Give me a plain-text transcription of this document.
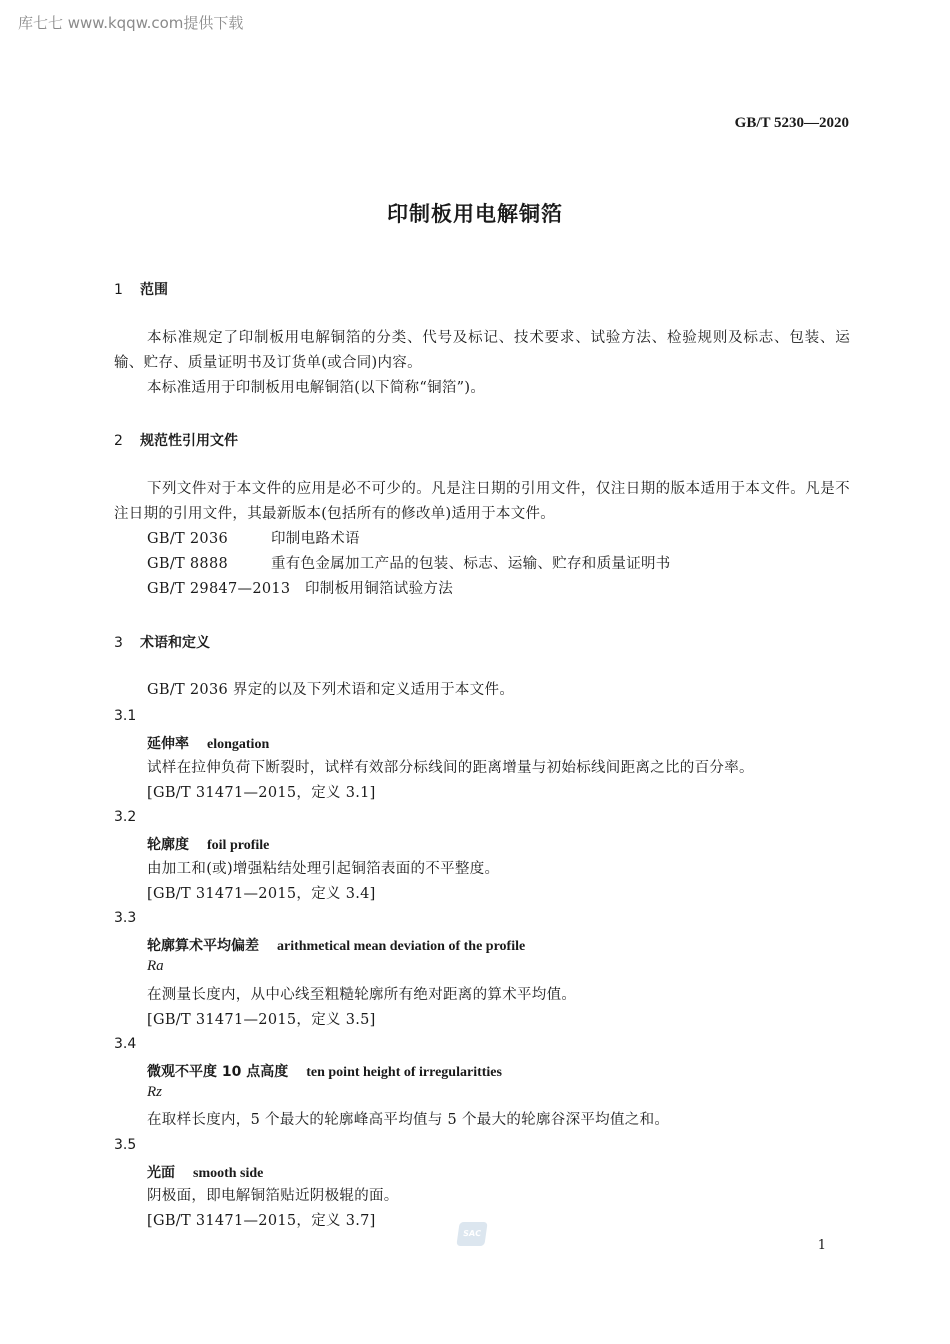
库七七 www.kqqw.com提供下载
GB/T 5230—2020
印制板用电解铜箔
1 范围
本标准规定了印制板用电解铜箔的分类、代号及标记、技术要求、试验方法、检验规则及标志、包装、运输、贮存、质量证明书及订货单(或合同)内容。
本标准适用于印制板用电解铜箔(以下简称“铜箔”)。
2 规范性引用文件
下列文件对于本文件的应用是必不可少的。凡是注日期的引用文件，仅注日期的版本适用于本文件。凡是不注日期的引用文件，其最新版本(包括所有的修改单)适用于本文件。
GB/T 2036	印制电路术语
GB/T 8888	重有色金属加工产品的包装、标志、运输、贮存和质量证明书
GB/T 29847—2013 印制板用铜箔试验方法
3 术语和定义
GB/T 2036 界定的以及下列术语和定义适用于本文件。
3.1
延伸率 elongation
试样在拉伸负荷下断裂时，试样有效部分标线间的距离增量与初始标线间距离之比的百分率。
[GB/T 31471—2015，定义 3.1]
3.2
轮廓度 foil profile
由加工和(或)增强粘结处理引起铜箔表面的不平整度。
[GB/T 31471—2015，定义 3.4]
3.3
轮廓算术平均偏差 arithmetical mean deviation of the profile
Ra
在测量长度内，从中心线至粗糙轮廓所有绝对距离的算术平均值。
[GB/T 31471—2015，定义 3.5]
3.4
微观不平度 10 点高度 ten point height of irregularitties
Rz
在取样长度内，5 个最大的轮廓峰高平均值与 5 个最大的轮廓谷深平均值之和。
3.5
光面 smooth side
阴极面，即电解铜箔贴近阴极辊的面。
[GB/T 31471—2015，定义 3.7]
SAC
1
